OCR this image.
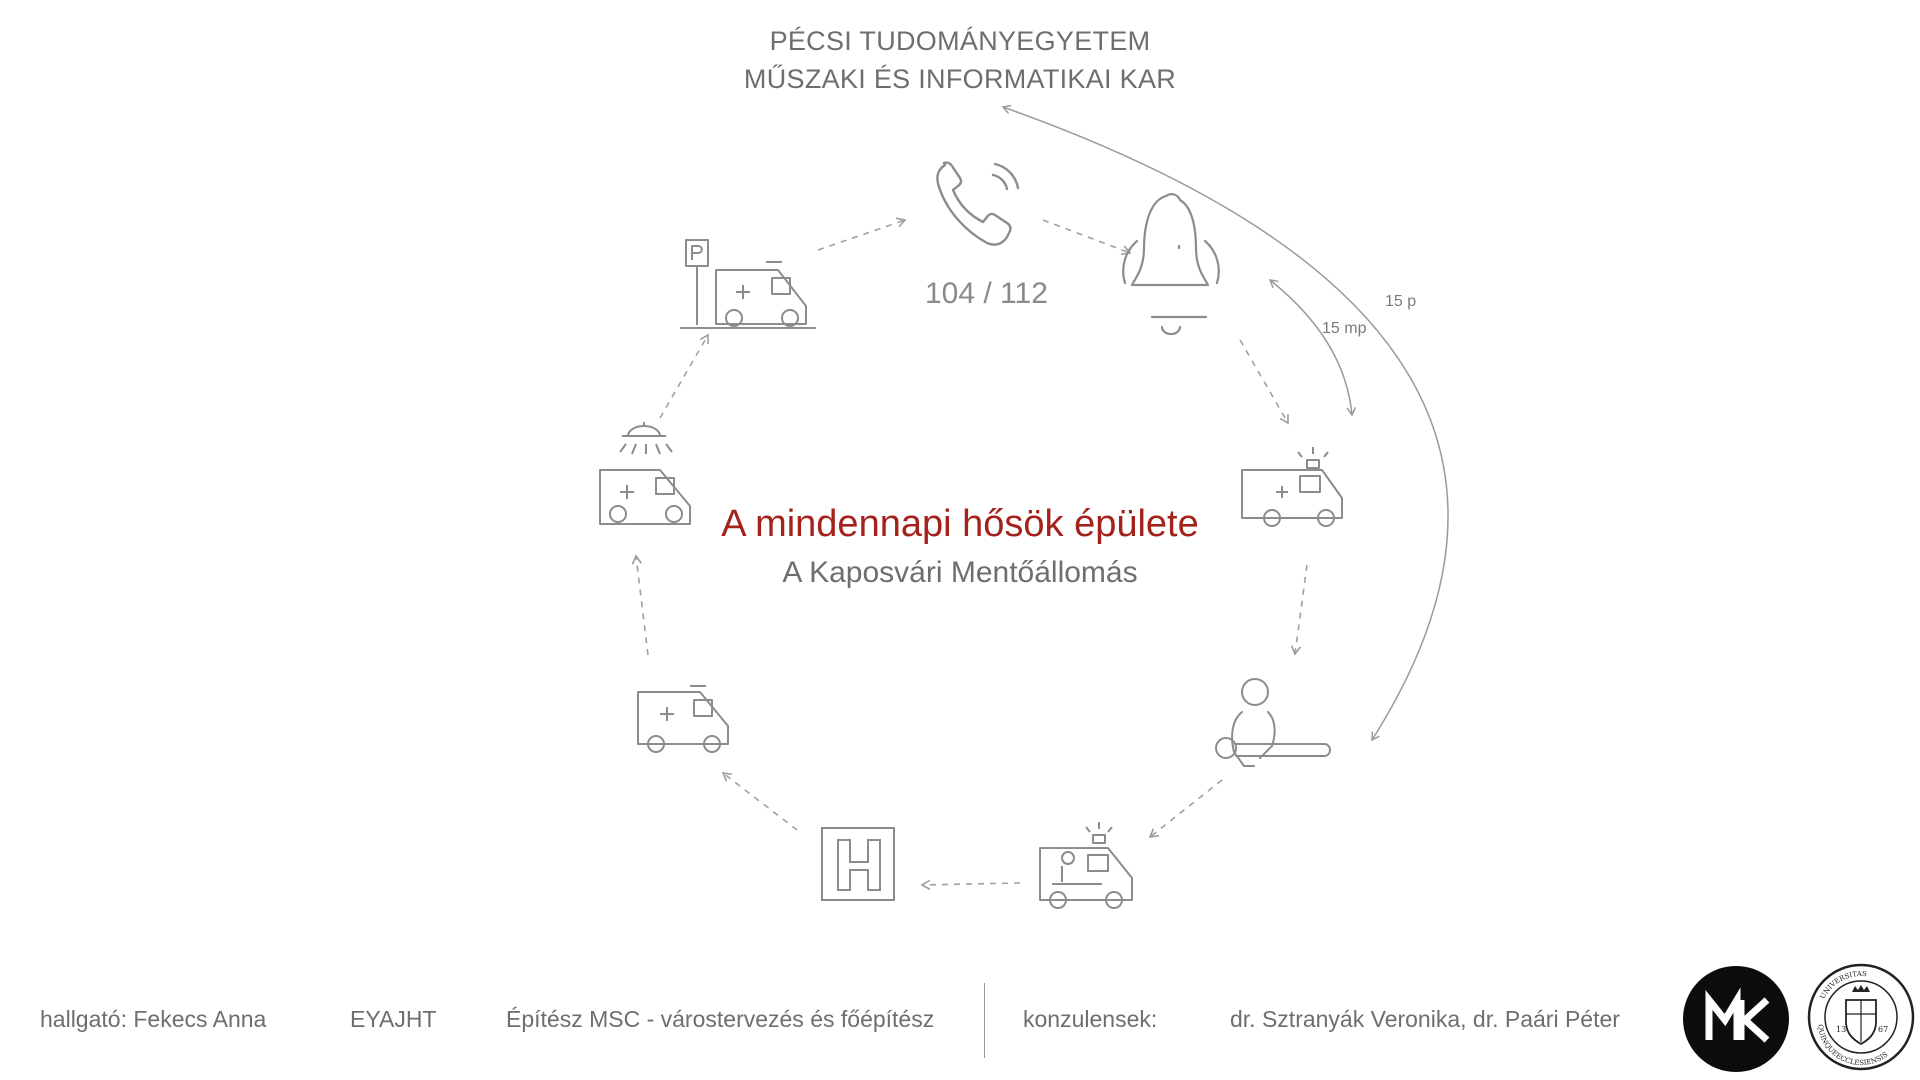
PÉCSI TUDOMÁNYEGYETEM
MŰSZAKI ÉS INFORMATIKAI KAR
104 / 112	15 p
15 mp
A mindennapi hősök épülete
A Kaposvári Mentőállomás
hallgató: Fekecs Anna	EYAJHT	Építész MSC - várostervezés és főépítész	konzulensek:	dr. Sztranyák Veronika, dr. Paári Péter	13	67
UNIVERSITAS
QUINQUEECCLESIENSIS
